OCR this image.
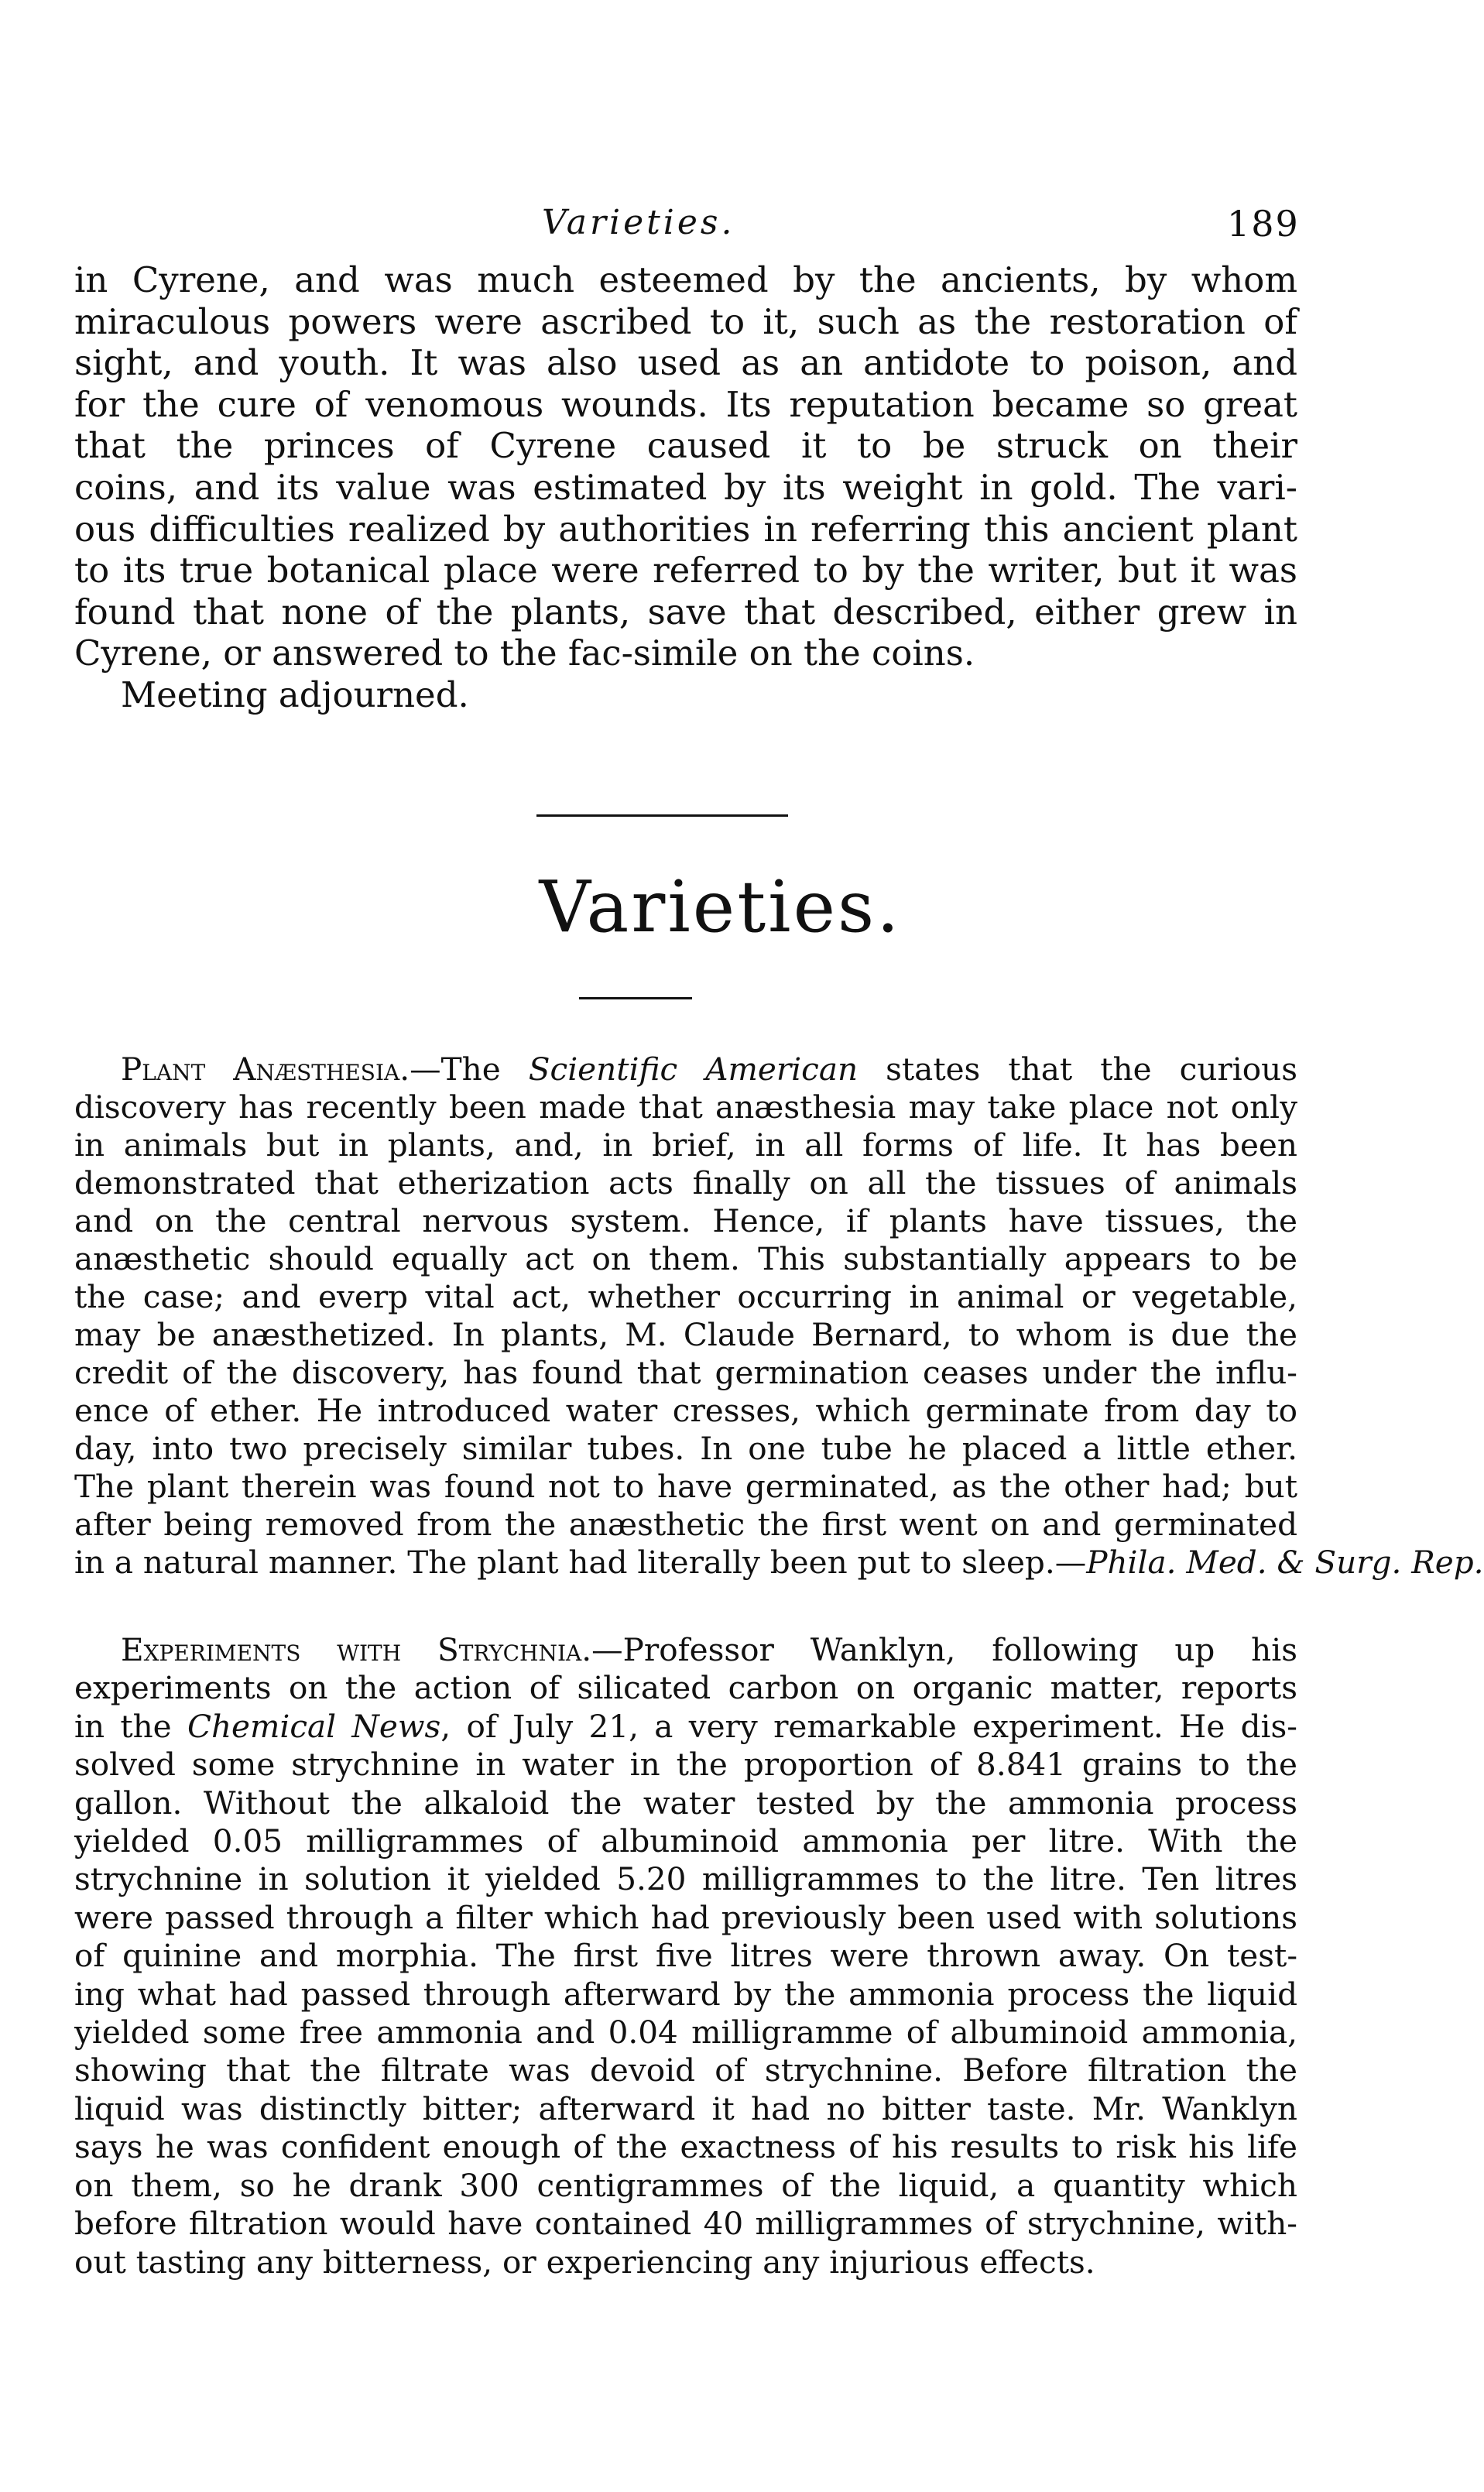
Varieties.	189
in Cyrene, and was much esteemed by the ancients, by whom
miraculous powers were ascribed to it, such as the restoration of
sight, and youth. It was also used as an antidote to poison, and
for the cure of venomous wounds. Its reputation became so great
that the princes of Cyrene caused it to be struck on their
coins, and its value was estimated by its weight in gold. The vari-
ous difficulties realized by authorities in referring this ancient plant
to its true botanical place were referred to by the writer, but it was
found that none of the plants, save that described, either grew in
Cyrene, or answered to the fac-simile on the coins.
Meeting adjourned.
Varieties.
Plant Anæsthesia.—The Scientific American states that the curious
discovery has recently been made that anæsthesia may take place not only
in animals but in plants, and, in brief, in all forms of life. It has been
demonstrated that etherization acts finally on all the tissues of animals
and on the central nervous system. Hence, if plants have tissues, the
anæsthetic should equally act on them. This substantially appears to be
the case; and everp vital act, whether occurring in animal or vegetable,
may be anæsthetized. In plants, M. Claude Bernard, to whom is due the
credit of the discovery, has found that germination ceases under the influ-
ence of ether. He introduced water cresses, which germinate from day to
day, into two precisely similar tubes. In one tube he placed a little ether.
The plant therein was found not to have germinated, as the other had; but
after being removed from the anæsthetic the first went on and germinated
in a natural manner. The plant had literally been put to sleep.—Phila. Med. & Surg. Rep.
Experiments with Strychnia.—Professor Wanklyn, following up his
experiments on the action of silicated carbon on organic matter, reports
in the Chemical News, of July 21, a very remarkable experiment. He dis-
solved some strychnine in water in the proportion of 8.841 grains to the
gallon. Without the alkaloid the water tested by the ammonia process
yielded 0.05 milligrammes of albuminoid ammonia per litre. With the
strychnine in solution it yielded 5.20 milligrammes to the litre. Ten litres
were passed through a filter which had previously been used with solutions
of quinine and morphia. The first five litres were thrown away. On test-
ing what had passed through afterward by the ammonia process the liquid
yielded some free ammonia and 0.04 milligramme of albuminoid ammonia,
showing that the filtrate was devoid of strychnine. Before filtration the
liquid was distinctly bitter; afterward it had no bitter taste. Mr. Wanklyn
says he was confident enough of the exactness of his results to risk his life
on them, so he drank 300 centigrammes of the liquid, a quantity which
before filtration would have contained 40 milligrammes of strychnine, with-
out tasting any bitterness, or experiencing any injurious effects.
